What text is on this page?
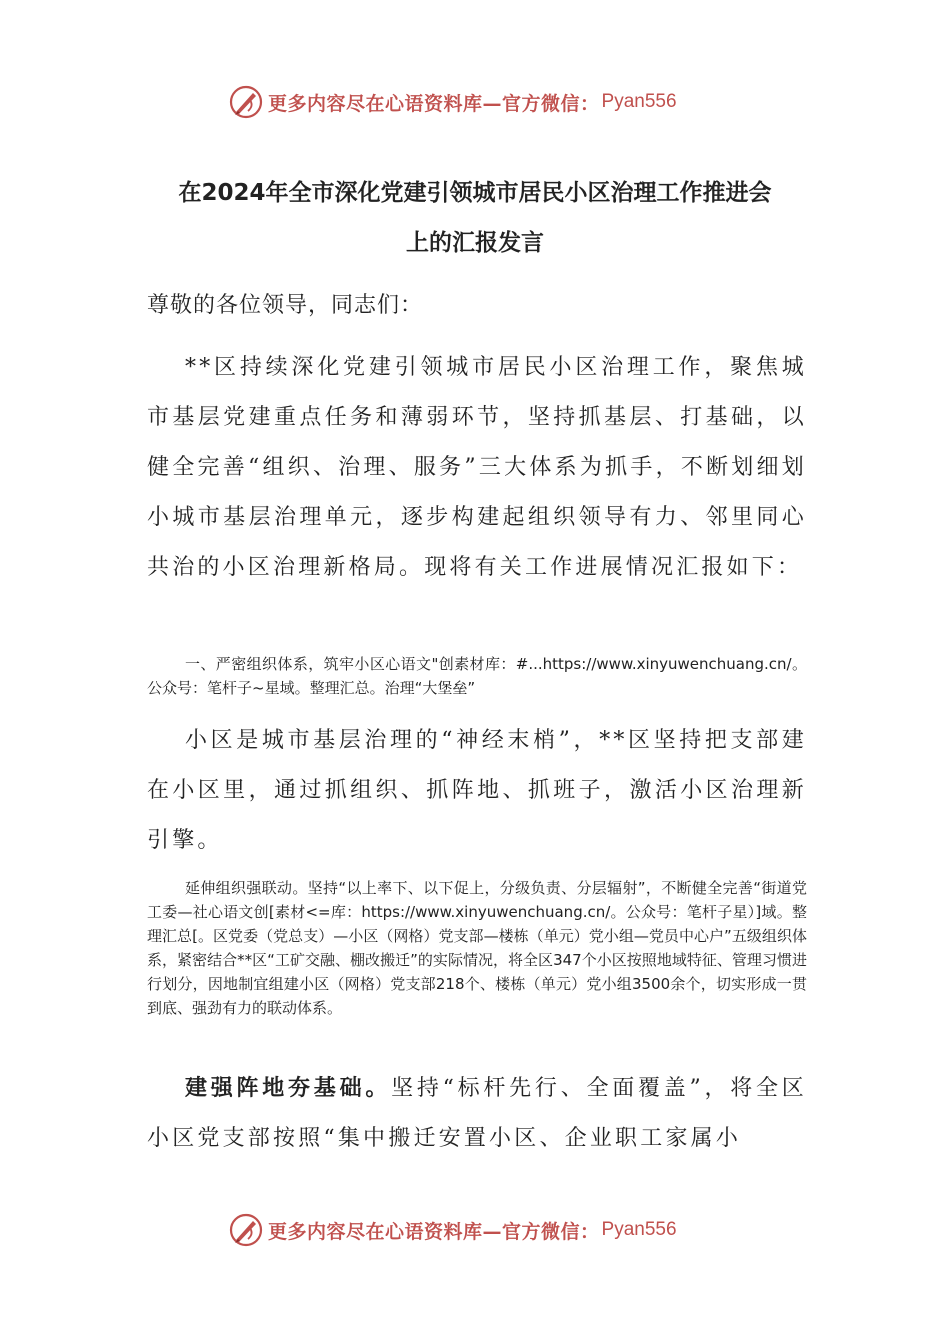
更多内容尽在心语资料库—官方微信： Pyan556
在2024年全市深化党建引领城市居民小区治理工作推进会
上的汇报发言
尊敬的各位领导，同志们：

**区持续深化党建引领城市居民小区治理工作，聚焦城市基层党建重点任务和薄弱环节，坚持抓基层、打基础，以健全完善“组织、治理、服务”三大体系为抓手，不断划细划小城市基层治理单元，逐步构建起组织领导有力、邻里同心共治的小区治理新格局。现将有关工作进展情况汇报如下：

一、严密组织体系，筑牢小区心语文"创素材库：#...https://www.xinyuwenchuang.cn/。公众号：笔杆子~星域。整理汇总。治理“大堡垒”

小区是城市基层治理的“神经末梢”，**区坚持把支部建在小区里，通过抓组织、抓阵地、抓班子，激活小区治理新引擎。

延伸组织强联动。坚持“以上率下、以下促上，分级负责、分层辐射”，不断健全完善“街道党工委—社心语文创[素材<=库：https://www.xinyuwenchuang.cn/。公众号：笔杆子星）]域。整理汇总[。区党委（党总支）—小区（网格）党支部—楼栋（单元）党小组—党员中心户”五级组织体系，紧密结合**区“工矿交融、棚改搬迁”的实际情况，将全区347个小区按照地域特征、管理习惯进行划分，因地制宜组建小区（网格）党支部218个、楼栋（单元）党小组3500余个，切实形成一贯到底、强劲有力的联动体系。

建强阵地夯基础。坚持“标杆先行、全面覆盖”，将全区小区党支部按照“集中搬迁安置小区、企业职工家属小

更多内容尽在心语资料库—官方微信： Pyan556
